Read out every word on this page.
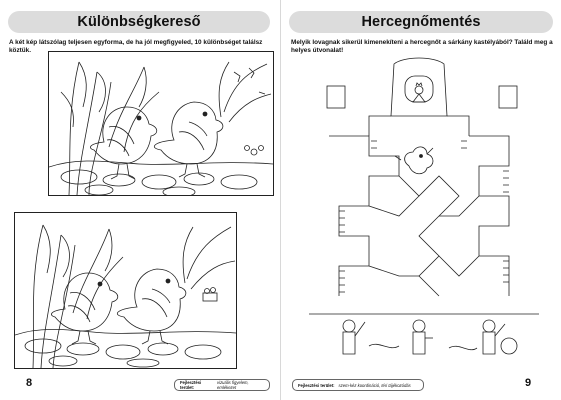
Különbségkereső
A két kép látszólag teljesen egyforma, de ha jól megfigyeled, 10 különbséget találsz köztük.
8	Fejlesztési terület:
vizuális figyelem, emlékezet
Hercegnőmentés
Melyik lovagnak sikerül kimenekíteni a hercegnőt a sárkány kastélyából? Találd meg a helyes útvonalat!
Fejlesztési terület: szem-kéz koordináció, téri tájékozódás	9
